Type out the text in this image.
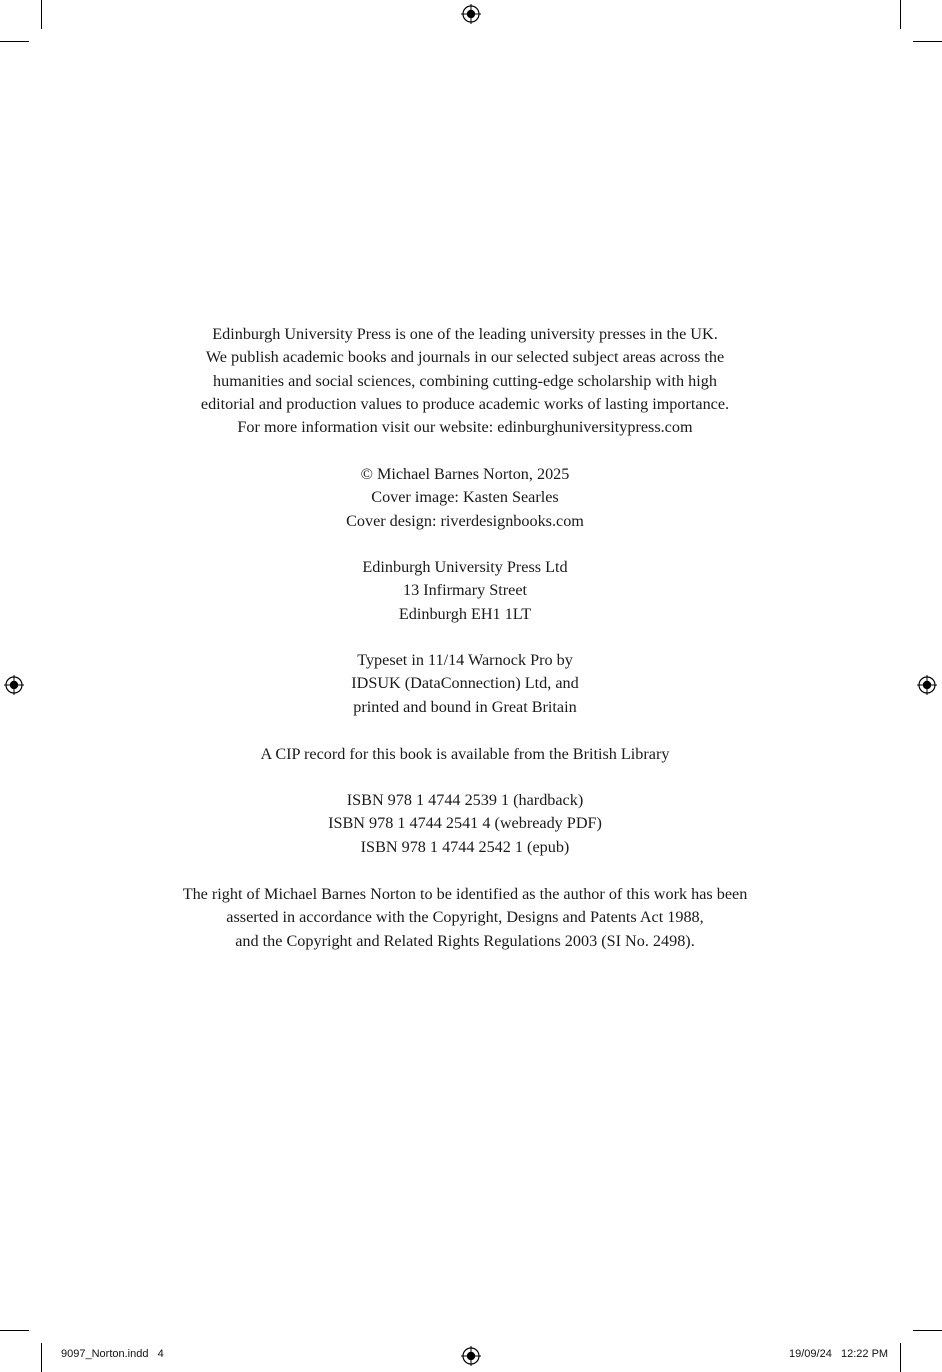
Edinburgh University Press is one of the leading university presses in the UK.
We publish academic books and journals in our selected subject areas across the
humanities and social sciences, combining cutting-edge scholarship with high
editorial and production values to produce academic works of lasting importance.
For more information visit our website: edinburghuniversitypress.com
© Michael Barnes Norton, 2025
Cover image: Kasten Searles
Cover design: riverdesignbooks.com
Edinburgh University Press Ltd
13 Infirmary Street
Edinburgh EH1 1LT
Typeset in 11/14 Warnock Pro by
IDSUK (DataConnection) Ltd, and
printed and bound in Great Britain
A CIP record for this book is available from the British Library
ISBN 978 1 4744 2539 1 (hardback)
ISBN 978 1 4744 2541 4 (webready PDF)
ISBN 978 1 4744 2542 1 (epub)
The right of Michael Barnes Norton to be identified as the author of this work has been
asserted in accordance with the Copyright, Designs and Patents Act 1988,
and the Copyright and Related Rights Regulations 2003 (SI No. 2498).
9097_Norton.indd   4	19/09/24   12:22 PM
